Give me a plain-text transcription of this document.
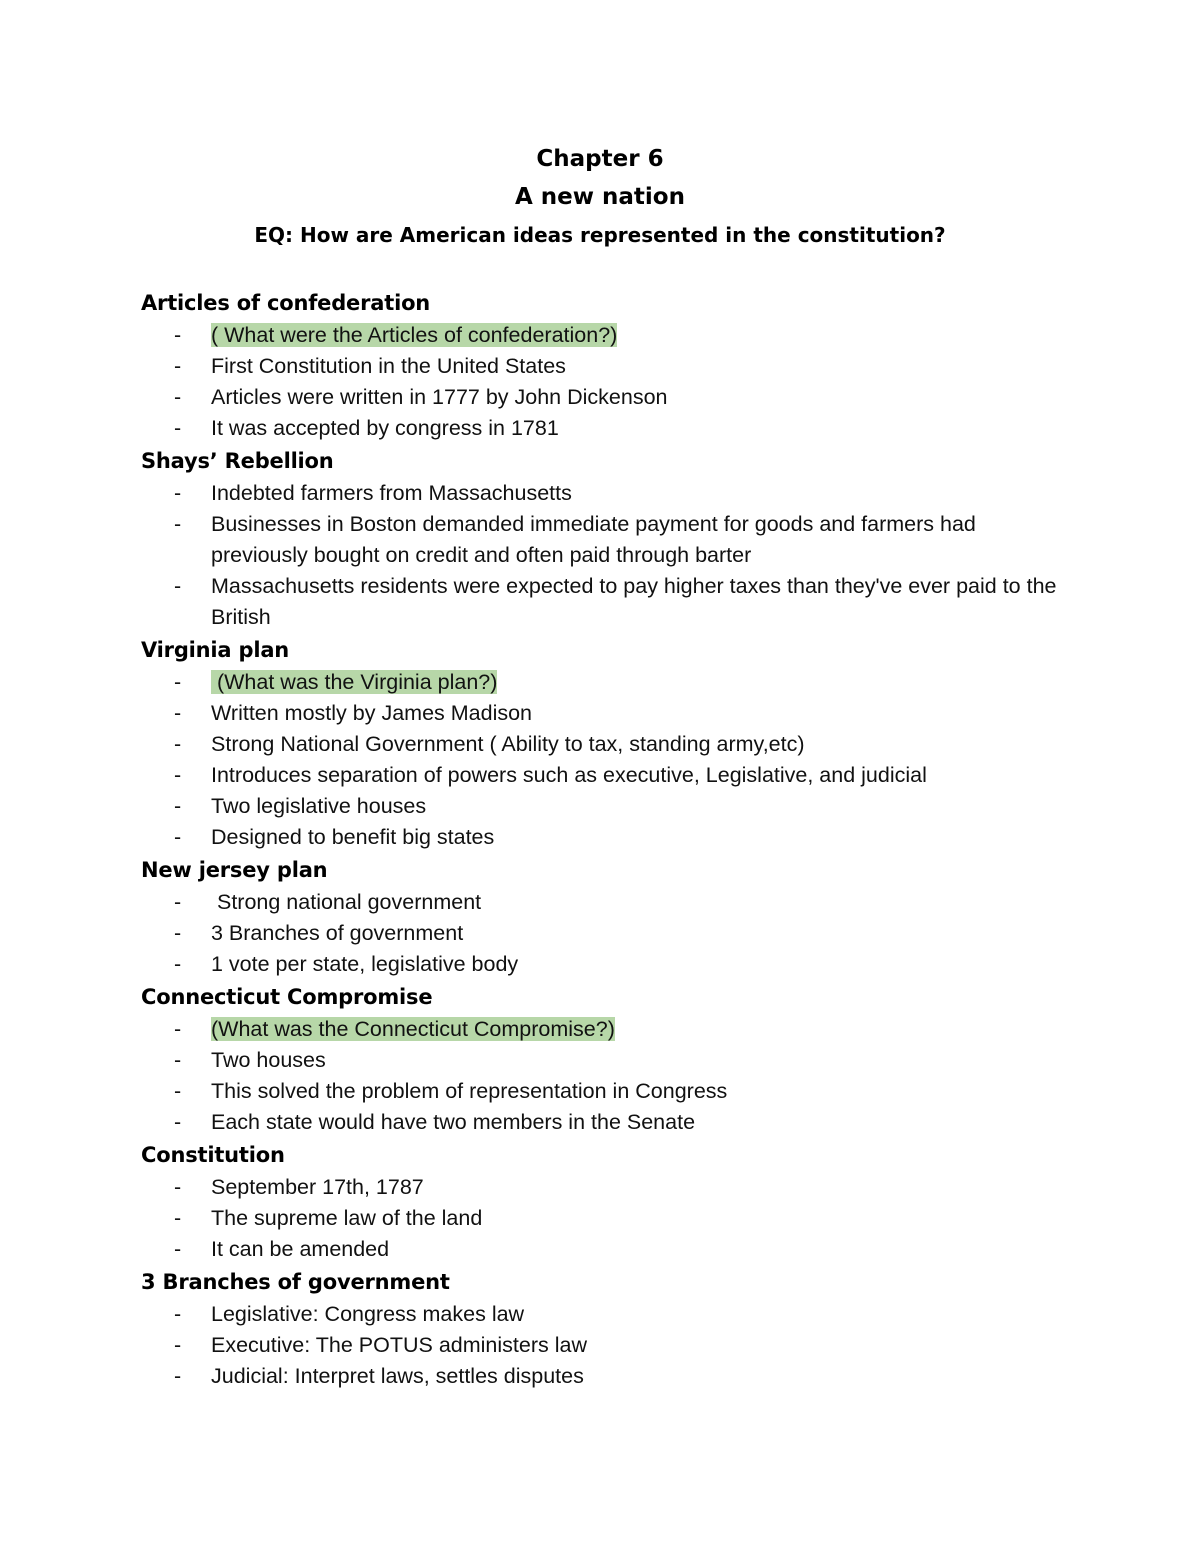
Chapter 6
A new nation
EQ: How are American ideas represented in the constitution?
Articles of confederation
- ( What were the Articles of confederation?)
- First Constitution in the United States
- Articles were written in 1777 by John Dickenson
- It was accepted by congress in 1781
Shays’ Rebellion
- Indebted farmers from Massachusetts
- Businesses in Boston demanded immediate payment for goods and farmers had previously bought on credit and often paid through barter
- Massachusetts residents were expected to pay higher taxes than they've ever paid to the British
Virginia plan
- (What was the Virginia plan?)
- Written mostly by James Madison
- Strong National Government ( Ability to tax, standing army,etc)
- Introduces separation of powers such as executive, Legislative, and judicial
- Two legislative houses
- Designed to benefit big states
New jersey plan
- Strong national government
- 3 Branches of government
- 1 vote per state, legislative body
Connecticut Compromise
- (What was the Connecticut Compromise?)
- Two houses
- This solved the problem of representation in Congress
- Each state would have two members in the Senate
Constitution
- September 17th, 1787
- The supreme law of the land
- It can be amended
3 Branches of government
- Legislative: Congress makes law
- Executive: The POTUS administers law
- Judicial: Interpret laws, settles disputes
